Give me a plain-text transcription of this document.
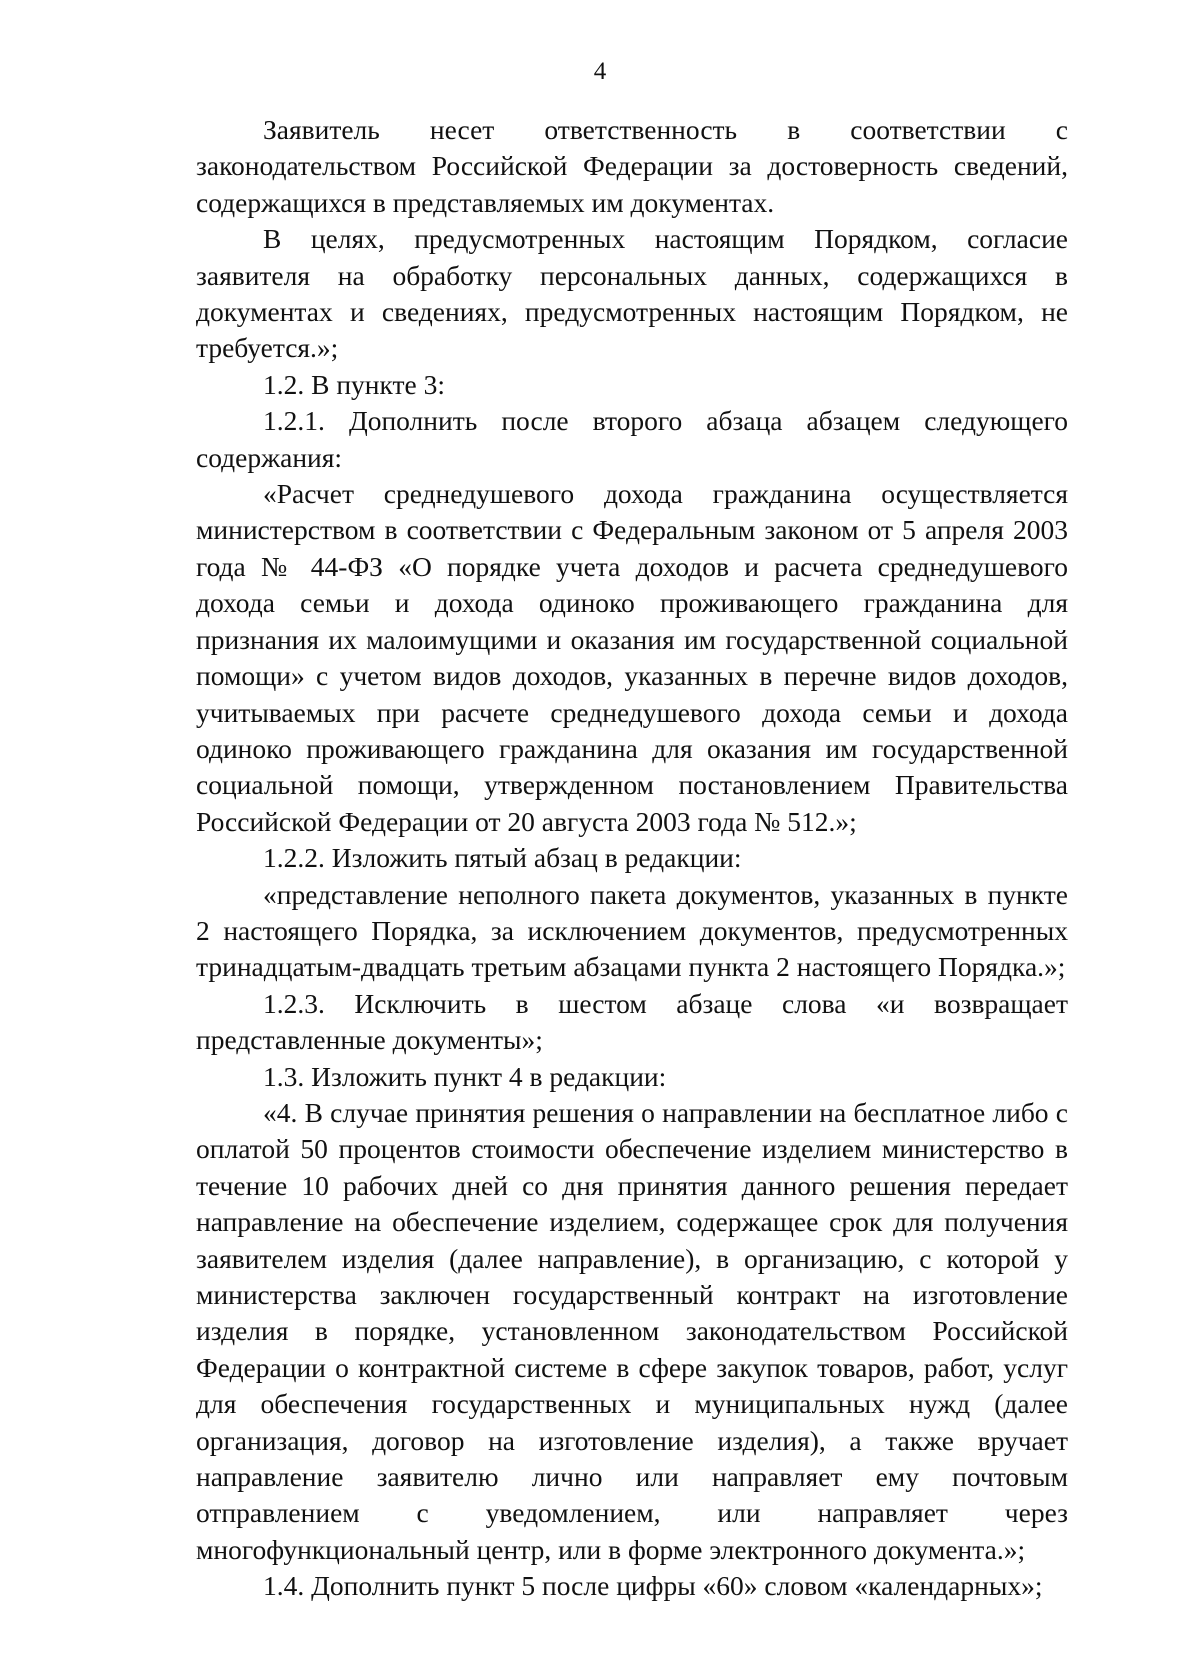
4

Заявитель несет ответственность в соответствии с законодательством Российской Федерации за достоверность сведений, содержащихся в представляемых им документах.

В целях, предусмотренных настоящим Порядком, согласие заявителя на обработку персональных данных, содержащихся в документах и сведениях, предусмотренных настоящим Порядком, не требуется.»;

1.2. В пункте 3:

1.2.1. Дополнить после второго абзаца абзацем следующего содержания:

«Расчет среднедушевого дохода гражданина осуществляется министерством в соответствии с Федеральным законом от 5 апреля 2003 года № 44-ФЗ «О порядке учета доходов и расчета среднедушевого дохода семьи и дохода одиноко проживающего гражданина для признания их малоимущими и оказания им государственной социальной помощи» с учетом видов доходов, указанных в перечне видов доходов, учитываемых при расчете среднедушевого дохода семьи и дохода одиноко проживающего гражданина для оказания им государственной социальной помощи, утвержденном постановлением Правительства Российской Федерации от 20 августа 2003 года № 512.»;

1.2.2. Изложить пятый абзац в редакции:

«представление неполного пакета документов, указанных в пункте 2 настоящего Порядка, за исключением документов, предусмотренных тринадцатым-двадцать третьим абзацами пункта 2 настоящего Порядка.»;

1.2.3. Исключить в шестом абзаце слова «и возвращает представленные документы»;

1.3. Изложить пункт 4 в редакции:

«4. В случае принятия решения о направлении на бесплатное либо с оплатой 50 процентов стоимости обеспечение изделием министерство в течение 10 рабочих дней со дня принятия данного решения передает направление на обеспечение изделием, содержащее срок для получения заявителем изделия (далее направление), в организацию, с которой у министерства заключен государственный контракт на изготовление изделия в порядке, установленном законодательством Российской Федерации о контрактной системе в сфере закупок товаров, работ, услуг для обеспечения государственных и муниципальных нужд (далее организация, договор на изготовление изделия), а также вручает направление заявителю лично или направляет ему почтовым отправлением с уведомлением, или направляет через многофункциональный центр, или в форме электронного документа.»;

1.4. Дополнить пункт 5 после цифры «60» словом «календарных»;
